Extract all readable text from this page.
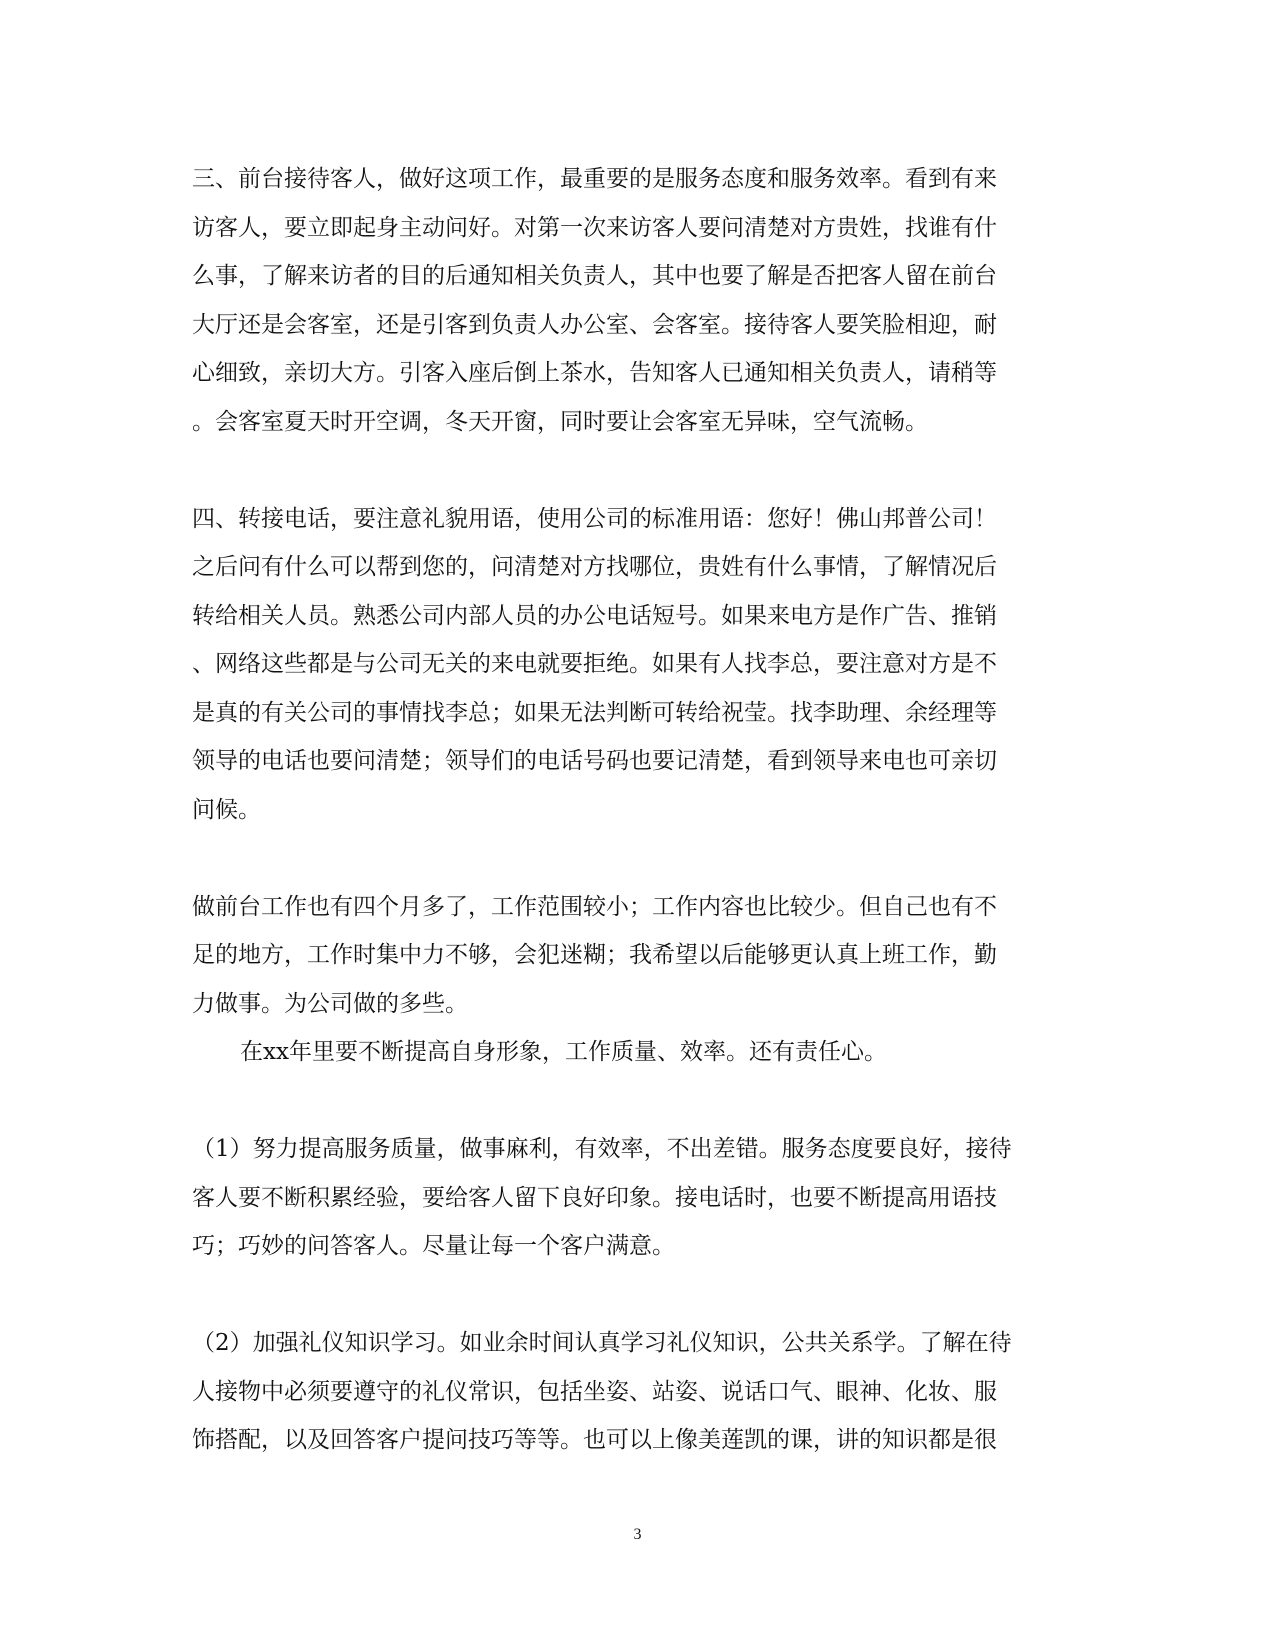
三、前台接待客人，做好这项工作，最重要的是服务态度和服务效率。看到有来
访客人，要立即起身主动问好。对第一次来访客人要问清楚对方贵姓，找谁有什
么事，了解来访者的目的后通知相关负责人，其中也要了解是否把客人留在前台
大厅还是会客室，还是引客到负责人办公室、会客室。接待客人要笑脸相迎，耐
心细致，亲切大方。引客入座后倒上茶水，告知客人已通知相关负责人，请稍等
。会客室夏天时开空调，冬天开窗，同时要让会客室无异味，空气流畅。
四、转接电话，要注意礼貌用语，使用公司的标准用语：您好！佛山邦普公司！
之后问有什么可以帮到您的，问清楚对方找哪位，贵姓有什么事情，了解情况后
转给相关人员。熟悉公司内部人员的办公电话短号。如果来电方是作广告、推销
、网络这些都是与公司无关的来电就要拒绝。如果有人找李总，要注意对方是不
是真的有关公司的事情找李总；如果无法判断可转给祝莹。找李助理、余经理等
领导的电话也要问清楚；领导们的电话号码也要记清楚，看到领导来电也可亲切
问候。
做前台工作也有四个月多了，工作范围较小；工作内容也比较少。但自己也有不
足的地方，工作时集中力不够，会犯迷糊；我希望以后能够更认真上班工作，勤
力做事。为公司做的多些。
在xx年里要不断提高自身形象，工作质量、效率。还有责任心。
（1）努力提高服务质量，做事麻利，有效率，不出差错。服务态度要良好，接待
客人要不断积累经验，要给客人留下良好印象。接电话时，也要不断提高用语技
巧；巧妙的问答客人。尽量让每一个客户满意。
（2）加强礼仪知识学习。如业余时间认真学习礼仪知识，公共关系学。了解在待
人接物中必须要遵守的礼仪常识，包括坐姿、站姿、说话口气、眼神、化妆、服
饰搭配，以及回答客户提问技巧等等。也可以上像美莲凯的课，讲的知识都是很
3
